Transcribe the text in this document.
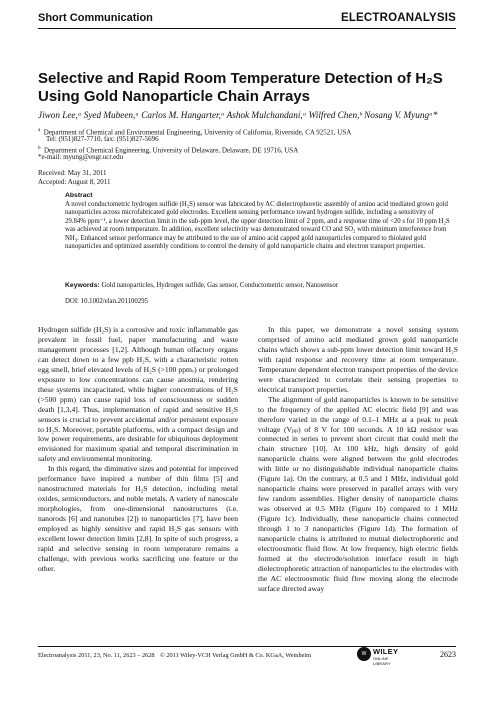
Short Communication	ELECTROANALYSIS
Selective and Rapid Room Temperature Detection of H₂S Using Gold Nanoparticle Chain Arrays
Jiwon Lee,ᵃ Syed Mubeen,ᵃ Carlos M. Hangarter,ᵃ Ashok Mulchandani,ᵃ Wilfred Chen,ᵇ Nosang V. Myungᵃ*
$^a$ Department of Chemical and Enviromental Engineering, University of California, Riverside, CA 92521, USA
Tel: (951)827-7710, fax: (951)827-5696
$^b$ Department of Chemical Engineering, University of Delaware, Delaware, DE 19716, USA
*e-mail: myung@engr.ucr.edu
Received: May 31, 2011
Accepted: August 8, 2011
Abstract
A novel conductometric hydrogen sulfide (H₂S) sensor was fabricated by AC dielectrophoretic assembly of amino acid mediated grown gold nanoparticles across microfabricated gold electrodes. Excellent sensing performance toward hydrogen sulfide, including a sensitivity of 29.84% ppm⁻¹, a lower detection limit in the sub-ppm level, the upper detection limit of 2 ppm, and a response time of <20 s for 10 ppm H₂S was achieved at room temperature. In addition, excellent selectivity was demonstrated toward CO and SO₂ with minimum interference from NH₃. Enhanced sensor performance may be attributed to the use of amino acid capped gold nanoparticles compared to thiolated gold nanoparticles and optimized assembly conditions to control the density of gold nanoparticle chains and electron transport properties.
Keywords: Gold nanoparticles, Hydrogen sulfide, Gas sensor, Conductometric sensor, Nanosensor
DOI: 10.1002/elan.201100295

Hydrogen sulfide (H₂S) is a corrosive and toxic inflammable gas prevalent in fossil fuel, paper manufacturing and waste management processes [1,2]. Although human olfactory organs can detect down to a few ppb H₂S, with a characteristic rotten egg smell, brief elevated levels of H₂S (>100 ppmᵥ) or prolonged exposure to low concentrations can cause anosmia, rendering these systems incapacitated, while higher concentrations of H₂S (>500 ppm) can cause rapid loss of consciousness or sudden death [1,3,4]. Thus, implementation of rapid and sensitive H₂S sensors is crucial to prevent accidental and/or persistent exposure to H₂S. Moreover, portable platforms, with a compact design and low power requirements, are desirable for ubiquitous deployment envisioned for maximum spatial and temporal discrimination in safety and environmental monitoring.

In this regard, the diminutive sizes and potential for improved performance have inspired a number of thin films [5] and nanostructured materials for H₂S detection, including metal oxides, semiconductors, and noble metals. A variety of nanoscale morphologies, from one-dimensional nanostructures (i.e. nanorods [6] and nanotubes [2]) to nanoparticles [7], have been employed as highly sensitive and rapid H₂S gas sensors with excellent lower detection limits [2,8]. In spite of such progress, a rapid and selective sensing in room temperature remains a challenge, with previous works sacrificing one feature or the other.

In this paper, we demonstrate a novel sensing system comprised of amino acid mediated grown gold nanoparticle chains which shows a sub-ppm lower detection limit toward H₂S with rapid response and recovery time at room temperature. Temperature dependent electron transport properties of the device were characterized to correlate their sensing properties to electrical transport properties.

The alignment of gold nanoparticles is known to be sensitive to the frequency of the applied AC electric field [9] and was therefore varied in the range of 0.1–1 MHz at a peak to peak voltage (Vₚₚ) of 8 V for 100 seconds. A 10 kΩ resistor was connected in series to prevent short circuit that could melt the chain structure [10]. At 100 kHz, high density of gold nanoparticle chains were aligned between the gold electrodes with little or no distinguishable individual nanoparticle chains (Figure 1a). On the contrary, at 0.5 and 1 MHz, individual gold nanoparticle chains were preserved in parallel arrays with very few random assemblies. Higher density of nanoparticle chains was observed at 0.5 MHz (Figure 1b) compared to 1 MHz (Figure 1c). Individually, these nanoparticle chains connected through 1 to 3 nanoparticles (Figure 1d). The formation of nanoparticle chains is attributed to mutual dielectrophoretic and electroosmotic fluid flow. At low frequency, high electric fields formed at the electrode/solution interface result in high dielectrophoretic attraction of nanoparticles to the electrodes with the AC electroosmotic fluid flow moving along the electrode surface directed away

Electroanalysis 2011, 23, No. 11, 2623 – 2628 © 2011 Wiley-VCH Verlag GmbH & Co. KGaA, Weinheim	W WILEY
ONLINE LIBRARY
2623
